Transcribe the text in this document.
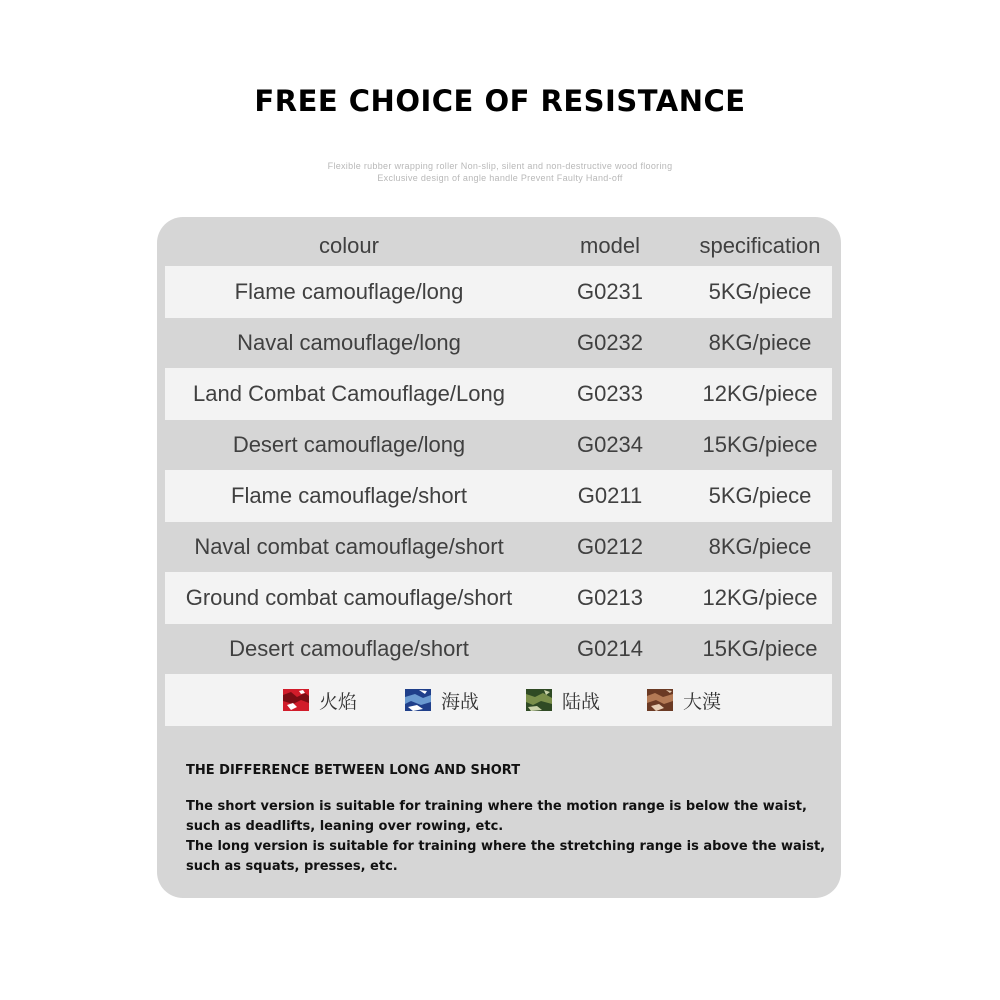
FREE CHOICE OF RESISTANCE
Flexible rubber wrapping roller Non-slip, silent and non-destructive wood flooring
Exclusive design of angle handle Prevent Faulty Hand-off
colour	model	specification
Flame camouflage/long	G0231	5KG/piece
Naval camouflage/long	G0232	8KG/piece
Land Combat Camouflage/Long	G0233	12KG/piece
Desert camouflage/long	G0234	15KG/piece
Flame camouflage/short	G0211	5KG/piece
Naval combat camouflage/short	G0212	8KG/piece
Ground combat camouflage/short	G0213	12KG/piece
Desert camouflage/short	G0214	15KG/piece
火焰	海战	陆战	大漠
THE DIFFERENCE BETWEEN LONG AND SHORT
The short version is suitable for training where the motion range is below the waist, such as deadlifts, leaning over rowing, etc.
The long version is suitable for training where the stretching range is above the waist, such as squats, presses, etc.
